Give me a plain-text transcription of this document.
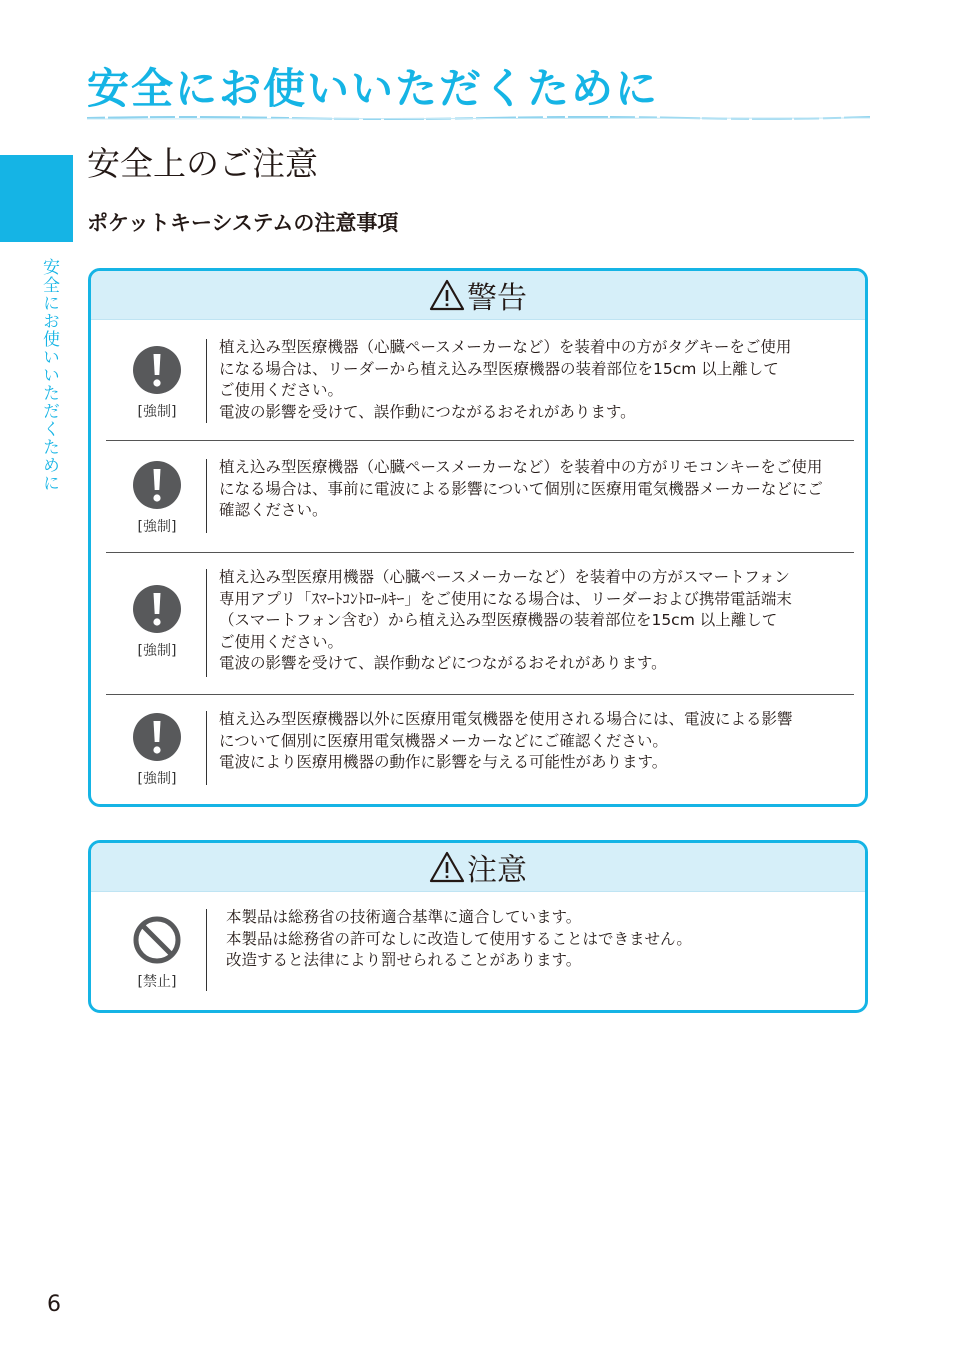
安全にお使いいただくために
安全にお使いいただくために
安全上のご注意
ポケットキーシステムの注意事項
警告
[強制]

植え込み型医療機器（心臓ペースメーカーなど）を装着中の方がタグキーをご使用

になる場合は、リーダーから植え込み型医療機器の装着部位を15cm 以上離して

ご使用ください。

電波の影響を受けて、誤作動につながるおそれがあります。

[強制]

植え込み型医療機器（心臓ペースメーカーなど）を装着中の方がリモコンキーをご使用

になる場合は、事前に電波による影響について個別に医療用電気機器メーカーなどにご

確認ください。

[強制]

植え込み型医療用機器（心臓ペースメーカーなど）を装着中の方がスマートフォン

専用アプリ「ｽﾏｰﾄｺﾝﾄﾛｰﾙｷｰ」をご使用になる場合は、リーダーおよび携帯電話端末

（スマートフォン含む）から植え込み型医療機器の装着部位を15cm 以上離して

ご使用ください。

電波の影響を受けて、誤作動などにつながるおそれがあります。

[強制]

植え込み型医療機器以外に医療用電気機器を使用される場合には、電波による影響

について個別に医療用電気機器メーカーなどにご確認ください。

電波により医療用機器の動作に影響を与える可能性があります。

注意
[禁止]

本製品は総務省の技術適合基準に適合しています。

本製品は総務省の許可なしに改造して使用することはできません。

改造すると法律により罰せられることがあります。

6
